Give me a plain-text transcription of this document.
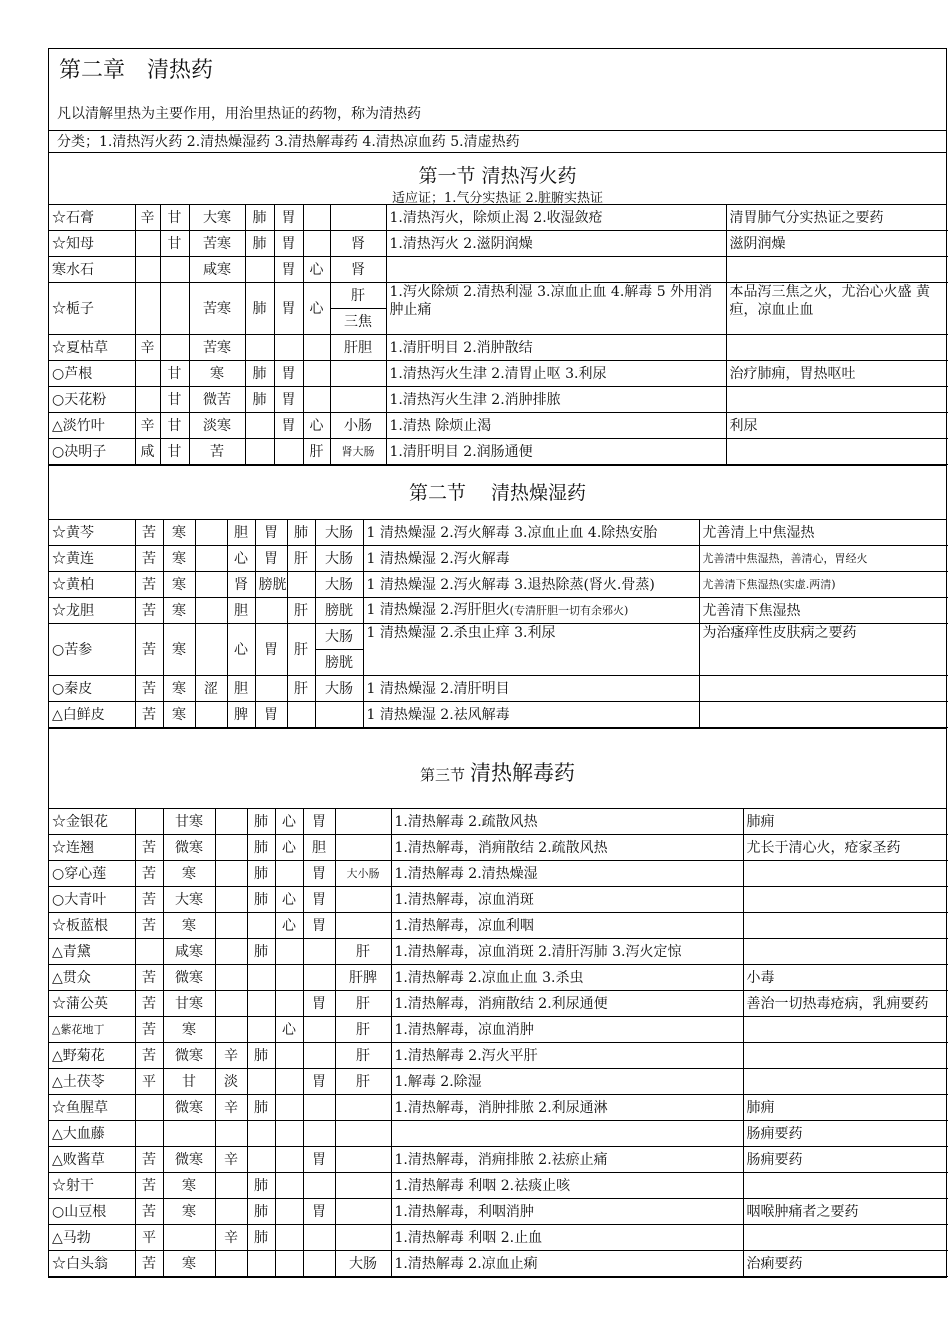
第二章　清热药
凡以清解里热为主要作用，用治里热证的药物，称为清热药
分类；1.清热泻火药 2.清热燥湿药 3.清热解毒药 4.清热凉血药 5.清虚热药
第一节 清热泻火药
适应证；1.气分实热证 2.脏腑实热证
☆石膏	辛	甘	大寒	肺	胃			1.清热泻火，除烦止渴 2.收湿敛疮	清胃肺气分实热证之要药
☆知母		甘	苦寒	肺	胃		肾	1.清热泻火 2.滋阴润燥	滋阴润燥
寒水石			咸寒		胃	心	肾		
☆栀子			苦寒	肺	胃	心	肝	1.泻火除烦 2.清热利湿 3.凉血止血 4.解毒 5 外用消肿止痛	本品泻三焦之火，尤治心火盛 黄疸，凉血止血
							三焦		
☆夏枯草	辛		苦寒				肝胆	1.清肝明目 2.消肿散结	
○芦根		甘	寒	肺	胃			1.清热泻火生津 2.清胃止呕 3.利尿	治疗肺痈，胃热呕吐
○天花粉		甘	微苦	肺	胃			1.清热泻火生津 2.消肿排脓	
△淡竹叶	辛	甘	淡寒		胃	心	小肠	1.清热 除烦止渴	利尿
○决明子	咸	甘	苦			肝	肾大肠	1.清肝明目 2.润肠通便	
第二节　 清热燥湿药
☆黄芩	苦	寒		胆	胃	肺	大肠	1 清热燥湿 2.泻火解毒 3.凉血止血 4.除热安胎	尤善清上中焦湿热
☆黄连	苦	寒		心	胃	肝	大肠	1 清热燥湿 2.泻火解毒	尤善清中焦湿热，善清心，胃经火
☆黄柏	苦	寒		肾	膀胱		大肠	1 清热燥湿 2.泻火解毒 3.退热除蒸(肾火.骨蒸)	尤善清下焦湿热(实虚.两清)
☆龙胆	苦	寒		胆		肝	膀胱	1 清热燥湿 2.泻肝胆火(专清肝胆一切有余邪火)	尤善清下焦湿热
○苦参	苦	寒		心	胃	肝	大肠	1 清热燥湿 2.杀虫止痒 3.利尿	为治瘙痒性皮肤病之要药
							膀胱		
○秦皮	苦	寒	涩	胆		肝	大肠	1 清热燥湿 2.清肝明目	
△白鲜皮	苦	寒		脾	胃			1 清热燥湿 2.祛风解毒	
第三节 清热解毒药
☆金银花		甘寒		肺	心	胃		1.清热解毒 2.疏散风热	肺痈
☆连翘	苦	微寒		肺	心	胆		1.清热解毒，消痈散结 2.疏散风热	尤长于清心火，疮家圣药
○穿心莲	苦	寒		肺		胃	大小肠	1.清热解毒 2.清热燥湿	
○大青叶	苦	大寒		肺	心	胃		1.清热解毒，凉血消斑	
☆板蓝根	苦	寒			心	胃		1.清热解毒，凉血利咽	
△青黛		咸寒		肺			肝	1.清热解毒，凉血消斑 2.清肝泻肺 3.泻火定惊	
△贯众	苦	微寒					肝脾	1.清热解毒 2.凉血止血 3.杀虫	小毒
☆蒲公英	苦	甘寒				胃	肝	1.清热解毒，消痈散结 2.利尿通便	善治一切热毒疮病，乳痈要药
△紫花地丁	苦	寒			心		肝	1.清热解毒，凉血消肿	
△野菊花	苦	微寒	辛	肺			肝	1.清热解毒 2.泻火平肝	
△土茯苓	平	甘	淡			胃	肝	1.解毒 2.除湿	
☆鱼腥草		微寒	辛	肺				1.清热解毒，消肿排脓 2.利尿通淋	肺痈
△大血藤									肠痈要药
△败酱草	苦	微寒	辛			胃		1.清热解毒，消痈排脓 2.祛瘀止痛	肠痈要药
☆射干	苦	寒		肺				1.清热解毒 利咽 2.祛痰止咳	
○山豆根	苦	寒		肺		胃		1.清热解毒，利咽消肿	咽喉肿痛者之要药
△马勃	平		辛	肺				1.清热解毒 利咽 2.止血	
☆白头翁	苦	寒					大肠	1.清热解毒 2.凉血止痢	治痢要药
